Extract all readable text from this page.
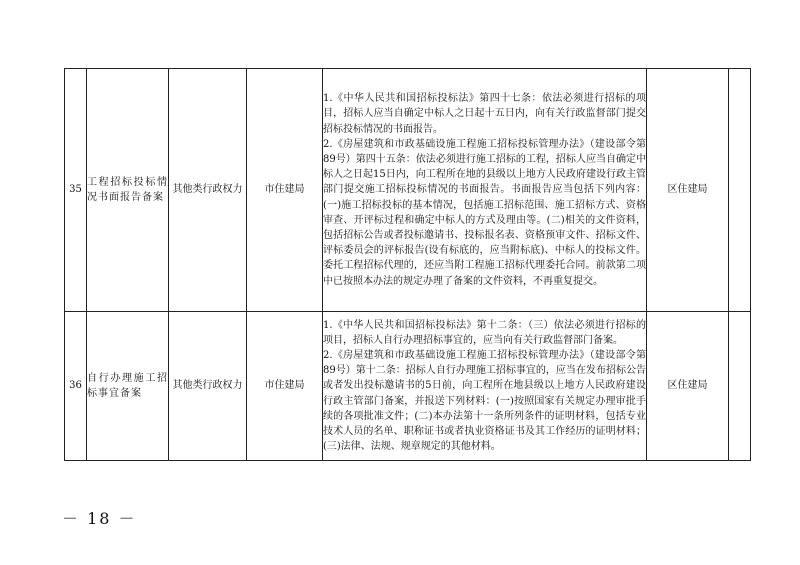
35	工程招标投标情况书面报告备案	其他类行政权力	市住建局	1.《中华人民共和国招标投标法》第四十七条：依法必须进行招标的项目，招标人应当自确定中标人之日起十五日内，向有关行政监督部门提交招标投标情况的书面报告。

2.《房屋建筑和市政基础设施工程施工招标投标管理办法》（建设部令第89号）第四十五条：依法必须进行施工招标的工程，招标人应当自确定中标人之日起15日内，向工程所在地的县级以上地方人民政府建设行政主管部门提交施工招标投标情况的书面报告。书面报告应当包括下列内容：(一)施工招标投标的基本情况，包括施工招标范围、施工招标方式、资格审查、开评标过程和确定中标人的方式及理由等。(二)相关的文件资料，包括招标公告或者投标邀请书、投标报名表、资格预审文件、招标文件、评标委员会的评标报告(设有标底的，应当附标底)、中标人的投标文件。委托工程招标代理的，还应当附工程施工招标代理委托合同。前款第二项中已按照本办法的规定办理了备案的文件资料，不再重复提交。	区住建局	
36	自行办理施工招标事宜备案	其他类行政权力	市住建局	1.《中华人民共和国招标投标法》第十二条：（三）依法必须进行招标的项目，招标人自行办理招标事宜的，应当向有关行政监督部门备案。

2.《房屋建筑和市政基础设施工程施工招标投标管理办法》（建设部令第89号）第十二条：招标人自行办理施工招标事宜的，应当在发布招标公告或者发出投标邀请书的5日前，向工程所在地县级以上地方人民政府建设行政主管部门备案，并报送下列材料：(一)按照国家有关规定办理审批手续的各项批准文件；(二)本办法第十一条所列条件的证明材料，包括专业技术人员的名单、职称证书或者执业资格证书及其工作经历的证明材料；(三)法律、法规、规章规定的其他材料。	区住建局	
－ 18 －
